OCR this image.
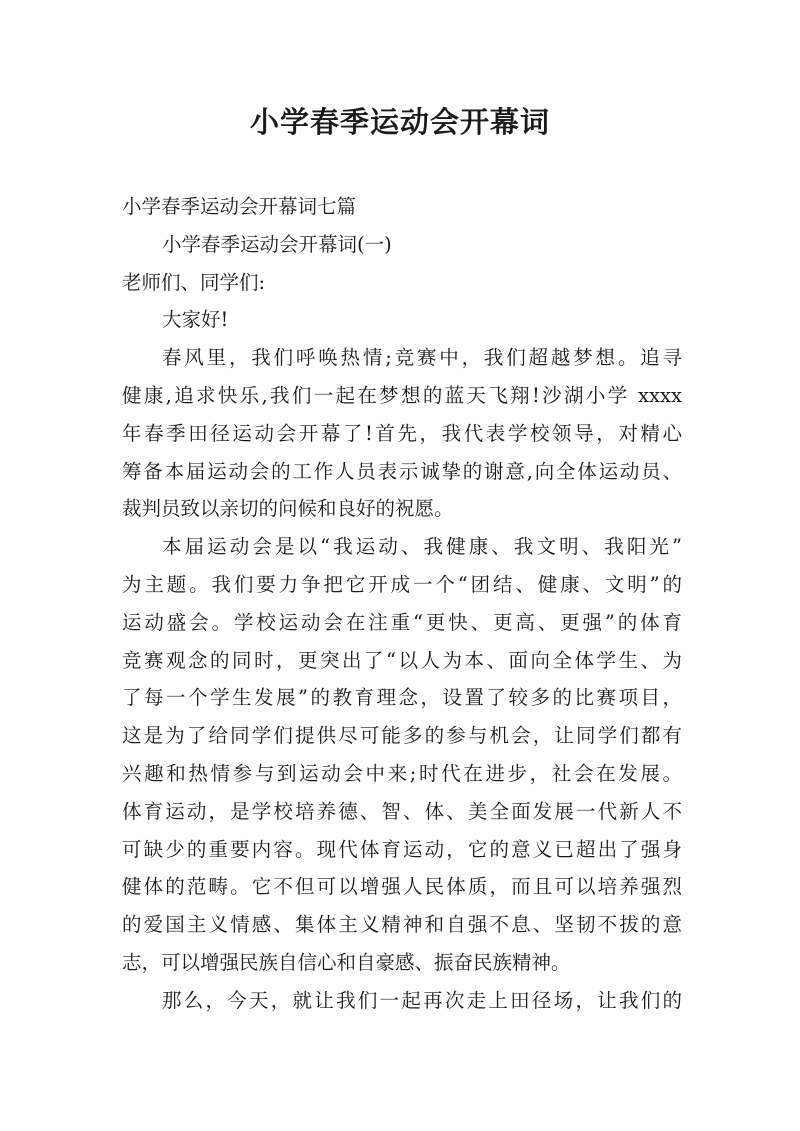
小学春季运动会开幕词
小学春季运动会开幕词七篇
小学春季运动会开幕词(一)
老师们、同学们:
大家好!
春风里，我们呼唤热情;竞赛中，我们超越梦想。追寻
健康,追求快乐,我们一起在梦想的蓝天飞翔!沙湖小学 xxxx
年春季田径运动会开幕了!首先，我代表学校领导，对精心
筹备本届运动会的工作人员表示诚挚的谢意,向全体运动员、
裁判员致以亲切的问候和良好的祝愿。
本届运动会是以“我运动、我健康、我文明、我阳光”
为主题。我们要力争把它开成一个“团结、健康、文明”的
运动盛会。学校运动会在注重“更快、更高、更强”的体育
竞赛观念的同时，更突出了“以人为本、面向全体学生、为
了每一个学生发展”的教育理念，设置了较多的比赛项目，
这是为了给同学们提供尽可能多的参与机会，让同学们都有
兴趣和热情参与到运动会中来;时代在进步，社会在发展。
体育运动，是学校培养德、智、体、美全面发展一代新人不
可缺少的重要内容。现代体育运动，它的意义已超出了强身
健体的范畴。它不但可以增强人民体质，而且可以培养强烈
的爱国主义情感、集体主义精神和自强不息、坚韧不拔的意
志，可以增强民族自信心和自豪感、振奋民族精神。
那么，今天，就让我们一起再次走上田径场，让我们的
